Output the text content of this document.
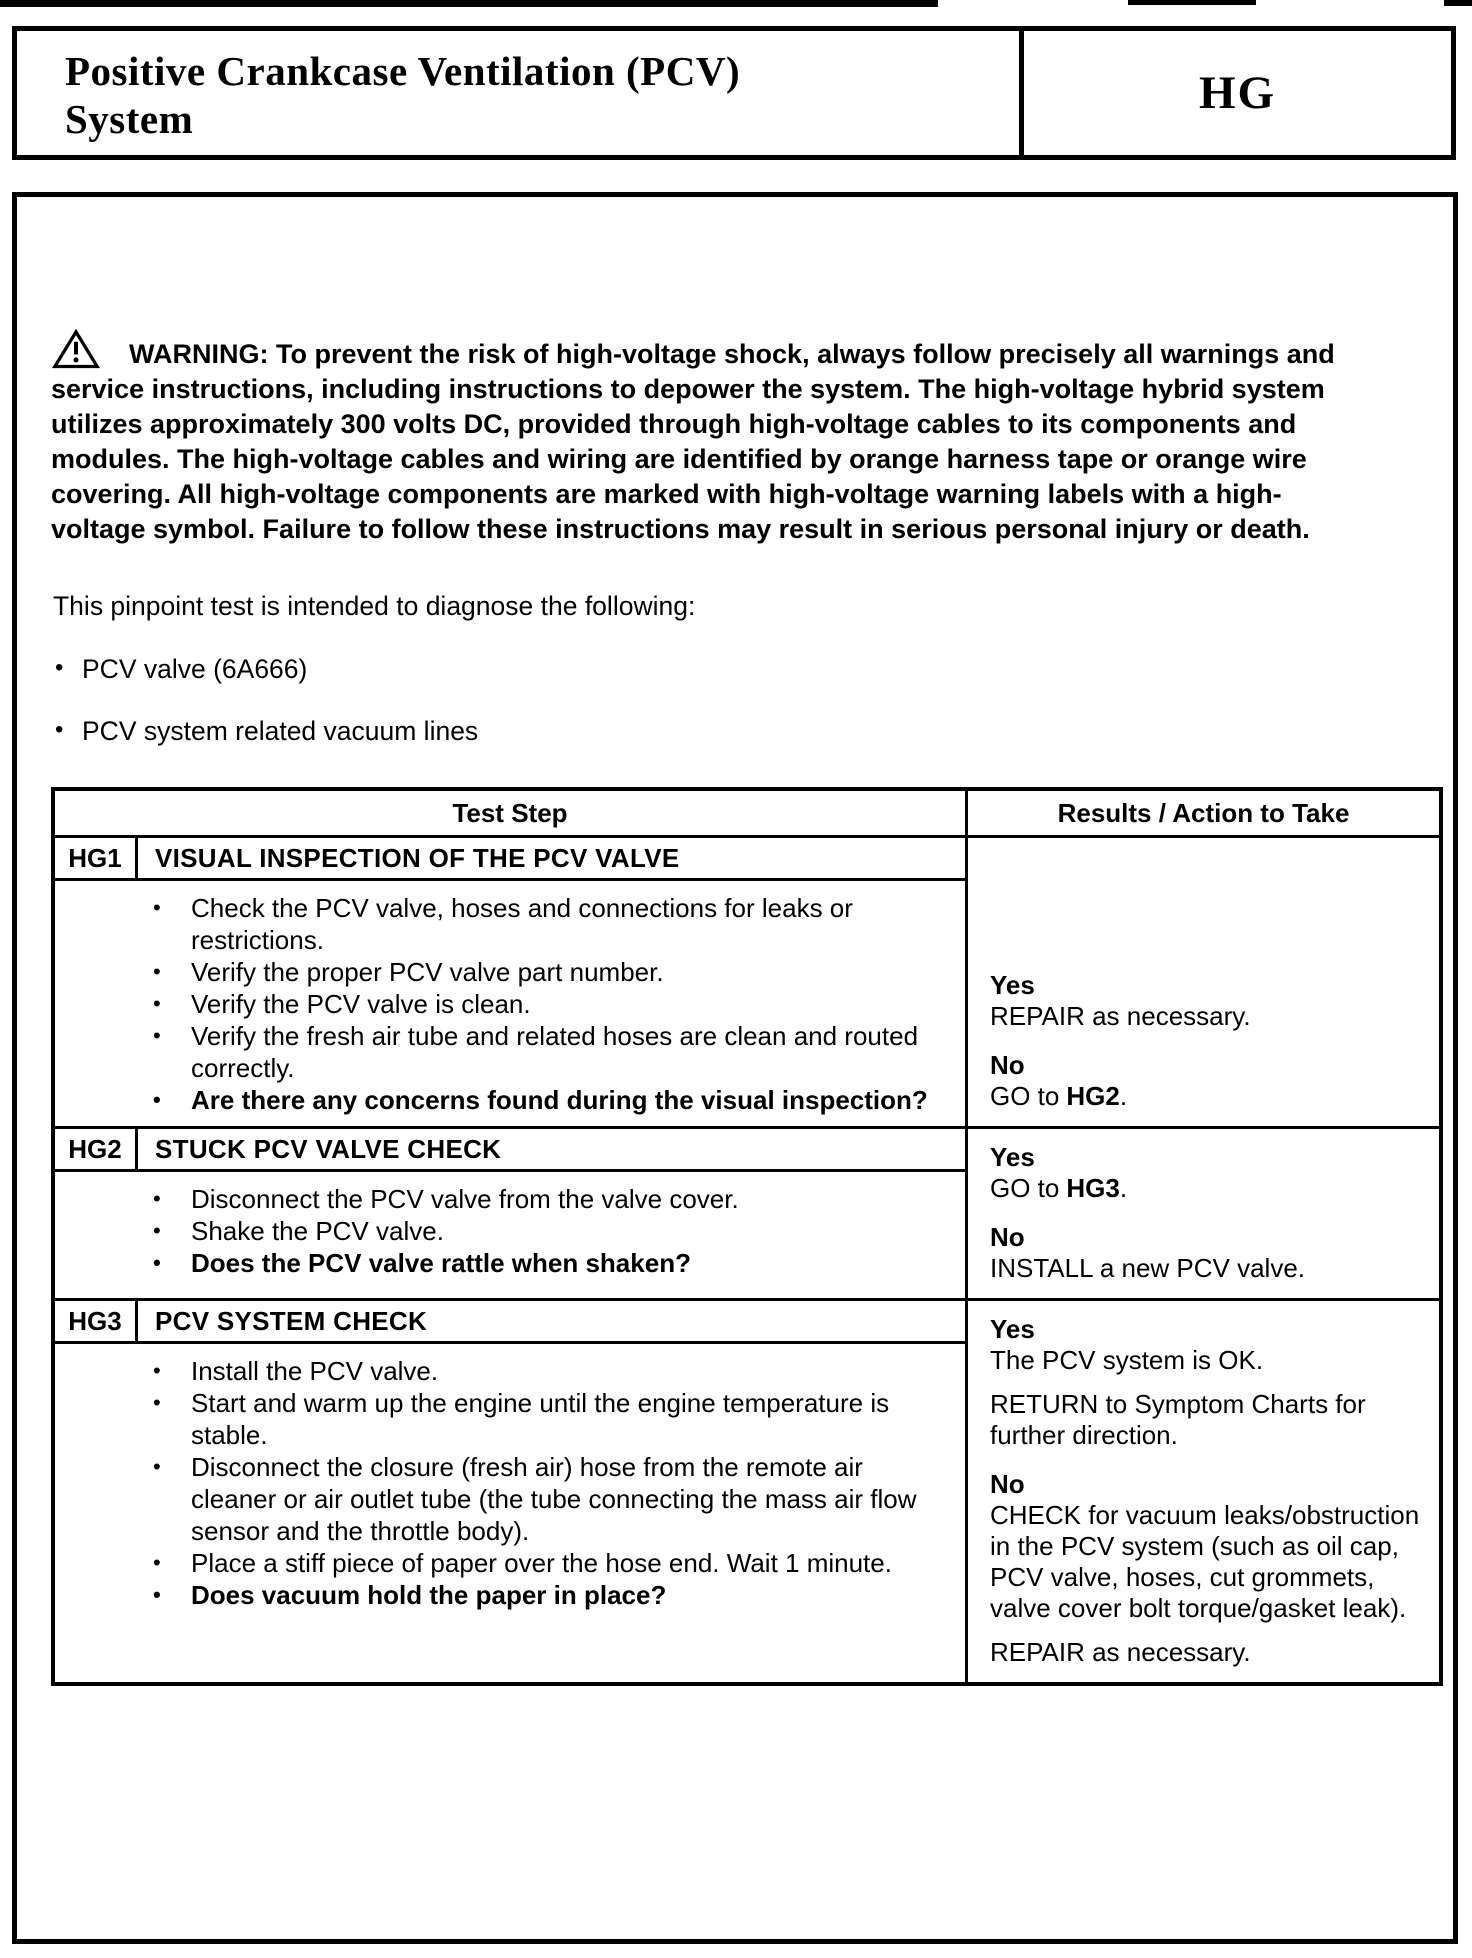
Positive Crankcase Ventilation (PCV) System	HG

WARNING: To prevent the risk of high-voltage shock, always follow precisely all warnings and service instructions, including instructions to depower the system. The high-voltage hybrid system utilizes approximately 300 volts DC, provided through high-voltage cables to its components and modules. The high-voltage cables and wiring are identified by orange harness tape or orange wire covering. All high-voltage components are marked with high-voltage warning labels with a high-voltage symbol. Failure to follow these instructions may result in serious personal injury or death.

This pinpoint test is intended to diagnose the following:

• PCV valve (6A666)
• PCV system related vacuum lines
Test Step	Results / Action to Take
HG1	VISUAL INSPECTION OF THE PCV VALVE
• Check the PCV valve, hoses and connections for leaks or restrictions.
• Verify the proper PCV valve part number.
• Verify the PCV valve is clean.
• Verify the fresh air tube and related hoses are clean and routed correctly.
• Are there any concerns found during the visual inspection?
Yes
REPAIR as necessary.
No
GO to HG2.
HG2	STUCK PCV VALVE CHECK
• Disconnect the PCV valve from the valve cover.
• Shake the PCV valve.
• Does the PCV valve rattle when shaken?
Yes
GO to HG3.
No
INSTALL a new PCV valve.
HG3	PCV SYSTEM CHECK
• Install the PCV valve.
• Start and warm up the engine until the engine temperature is stable.
• Disconnect the closure (fresh air) hose from the remote air cleaner or air outlet tube (the tube connecting the mass air flow sensor and the throttle body).
• Place a stiff piece of paper over the hose end. Wait 1 minute.
• Does vacuum hold the paper in place?
Yes
The PCV system is OK.
RETURN to Symptom Charts for further direction.
No
CHECK for vacuum leaks/obstruction in the PCV system (such as oil cap, PCV valve, hoses, cut grommets, valve cover bolt torque/gasket leak).
REPAIR as necessary.
